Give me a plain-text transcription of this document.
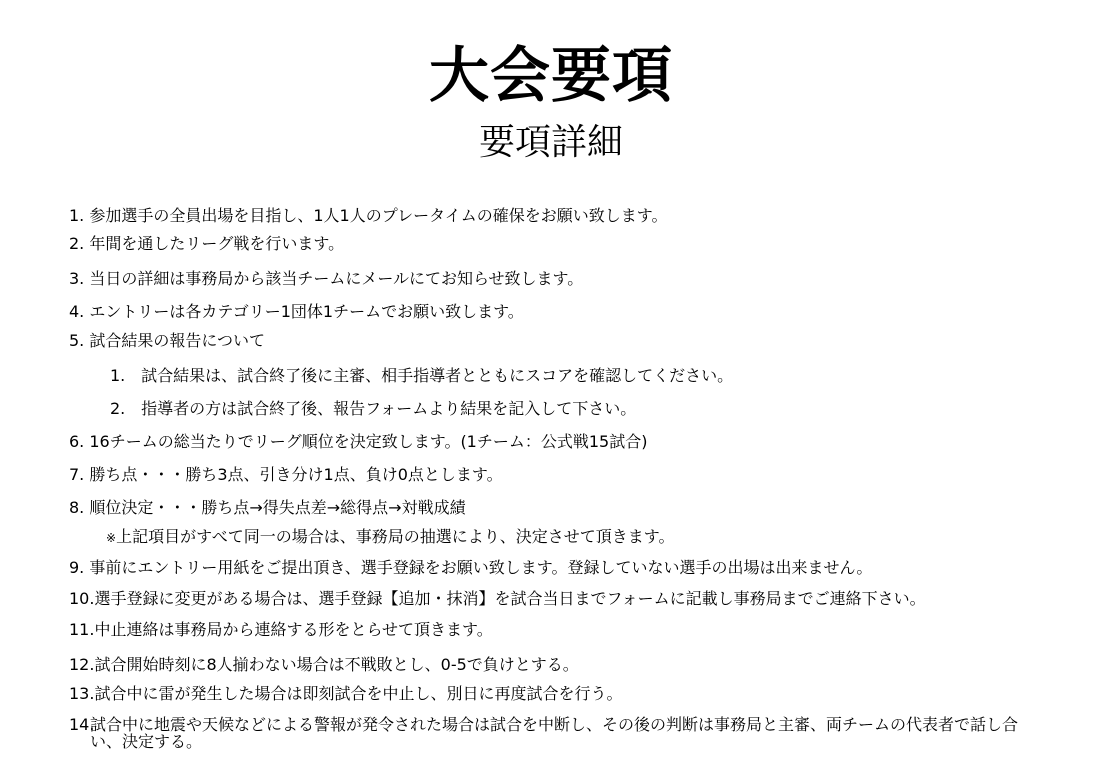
大会要項
要項詳細
1. 参加選手の全員出場を目指し、1人1人のプレータイムの確保をお願い致します。
2. 年間を通したリーグ戦を行います。
3. 当日の詳細は事務局から該当チームにメールにてお知らせ致します。
4. エントリーは各カテゴリー1団体1チームでお願い致します。
5. 試合結果の報告について
1. 試合結果は、試合終了後に主審、相手指導者とともにスコアを確認してください。
2. 指導者の方は試合終了後、報告フォームより結果を記入して下さい。
6. 16チームの総当たりでリーグ順位を決定致します。(1チーム：公式戦15試合)
7. 勝ち点・・・勝ち3点、引き分け1点、負け0点とします。
8. 順位決定・・・勝ち点→得失点差→総得点→対戦成績
※上記項目がすべて同一の場合は、事務局の抽選により、決定させて頂きます。
9. 事前にエントリー用紙をご提出頂き、選手登録をお願い致します。登録していない選手の出場は出来ません。
10.選手登録に変更がある場合は、選手登録【追加・抹消】を試合当日までフォームに記載し事務局までご連絡下さい。
11.中止連絡は事務局から連絡する形をとらせて頂きます。
12.試合開始時刻に8人揃わない場合は不戦敗とし、0-5で負けとする。
13.試合中に雷が発生した場合は即刻試合を中止し、別日に再度試合を行う。
14.
試合中に地震や天候などによる警報が発令された場合は試合を中断し、その後の判断は事務局と主審、両チームの代表者で話し合い、決定する。
